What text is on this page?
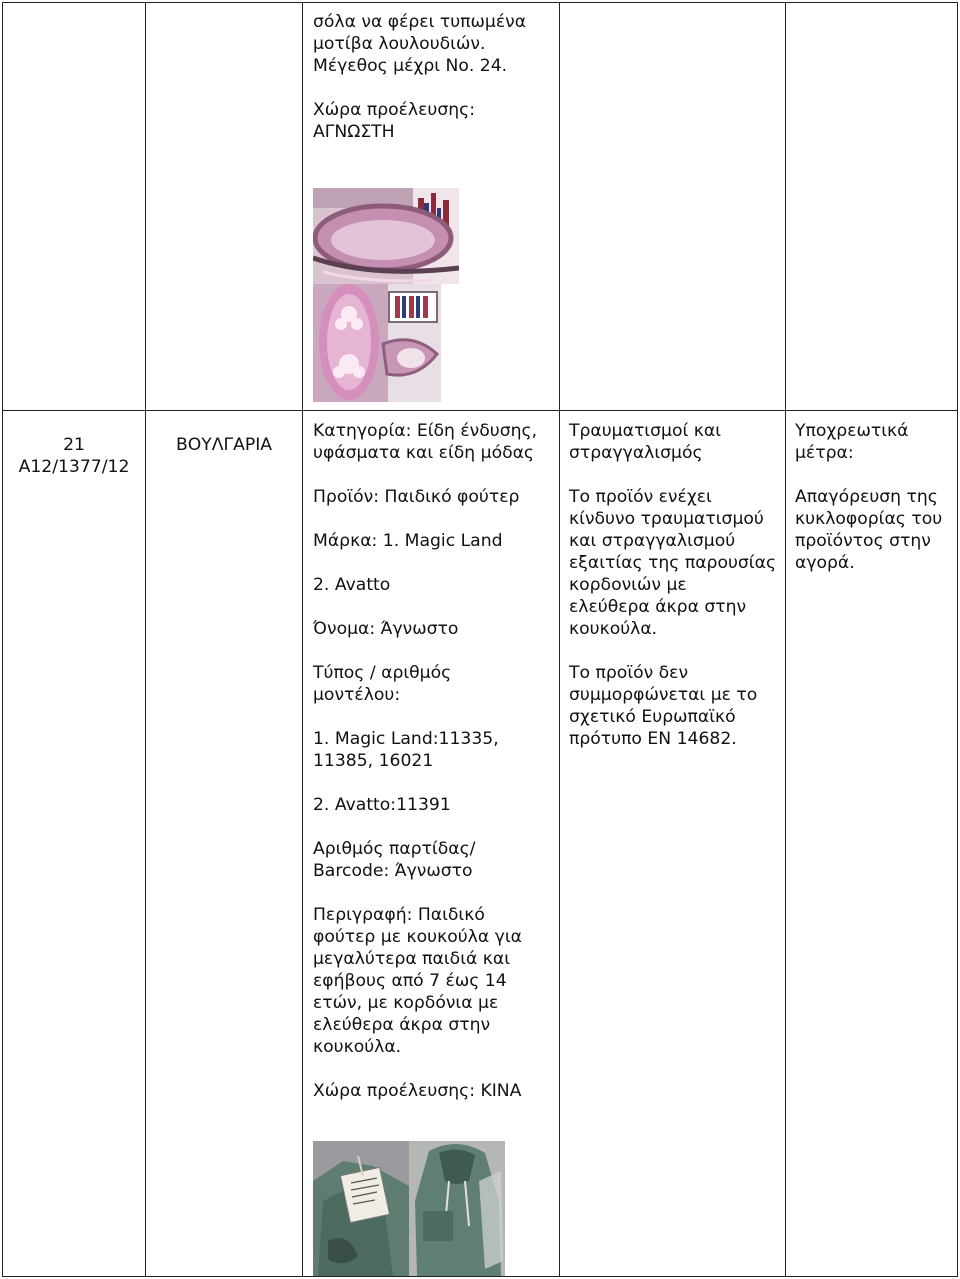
σόλα να φέρει τυπωμένα
μοτίβα λουλουδιών.
Μέγεθος μέχρι Νο. 24.
Χώρα προέλευσης:
ΑΓΝΩΣΤΗ
21
Α12/1377/12
ΒΟΥΛΓΑΡΙΑ
Κατηγορία: Είδη ένδυσης,
υφάσματα και είδη μόδας
Προϊόν: Παιδικό φούτερ
Μάρκα: 1. Magic Land
2. Avatto
Όνομα: Άγνωστο
Τύπος / αριθμός
μοντέλου:
1. Magic Land:11335,
11385, 16021
2. Avatto:11391
Αριθμός παρτίδας/
Barcode: Άγνωστο
Περιγραφή: Παιδικό
φούτερ με κουκούλα για
μεγαλύτερα παιδιά και
εφήβους από 7 έως 14
ετών, με κορδόνια με
ελεύθερα άκρα στην
κουκούλα.
Χώρα προέλευσης: ΚΙΝΑ
Τραυματισμοί και
στραγγαλισμός
Το προϊόν ενέχει
κίνδυνο τραυματισμού
και στραγγαλισμού
εξαιτίας της παρουσίας
κορδονιών με
ελεύθερα άκρα στην
κουκούλα.
Το προϊόν δεν
συμμορφώνεται με το
σχετικό Ευρωπαϊκό
πρότυπο EN 14682.
Υποχρεωτικά
μέτρα:
Απαγόρευση της
κυκλοφορίας του
προϊόντος στην
αγορά.
